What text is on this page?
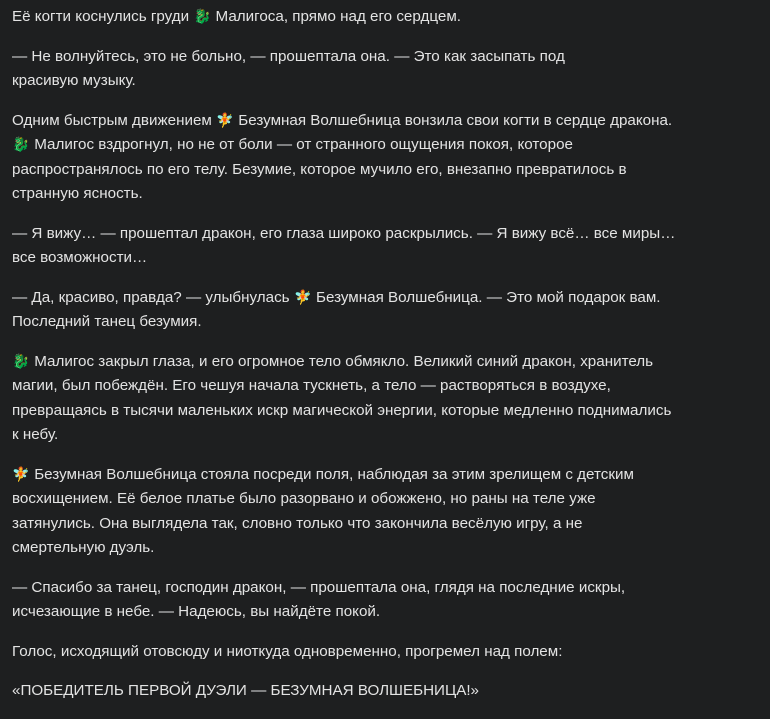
Её когти коснулись груди 🐉 Малигоса, прямо над его сердцем.

— Не волнуйтесь, это не больно, — прошептала она. — Это как засыпать под
красивую музыку.

Одним быстрым движением 🧚 Безумная Волшебница вонзила свои когти в сердце дракона.
🐉 Малигос вздрогнул, но не от боли — от странного ощущения покоя, которое
распространялось по его телу. Безумие, которое мучило его, внезапно превратилось в
странную ясность.

— Я вижу… — прошептал дракон, его глаза широко раскрылись. — Я вижу всё… все миры…
все возможности…

— Да, красиво, правда? — улыбнулась 🧚 Безумная Волшебница. — Это мой подарок вам.
Последний танец безумия.

🐉 Малигос закрыл глаза, и его огромное тело обмякло. Великий синий дракон, хранитель
магии, был побеждён. Его чешуя начала тускнеть, а тело — растворяться в воздухе,
превращаясь в тысячи маленьких искр магической энергии, которые медленно поднимались
к небу.

🧚 Безумная Волшебница стояла посреди поля, наблюдая за этим зрелищем с детским
восхищением. Её белое платье было разорвано и обожжено, но раны на теле уже
затянулись. Она выглядела так, словно только что закончила весёлую игру, а не
смертельную дуэль.

— Спасибо за танец, господин дракон, — прошептала она, глядя на последние искры,
исчезающие в небе. — Надеюсь, вы найдёте покой.

Голос, исходящий отовсюду и ниоткуда одновременно, прогремел над полем:

«ПОБЕДИТЕЛЬ ПЕРВОЙ ДУЭЛИ — БЕЗУМНАЯ ВОЛШЕБНИЦА!»
